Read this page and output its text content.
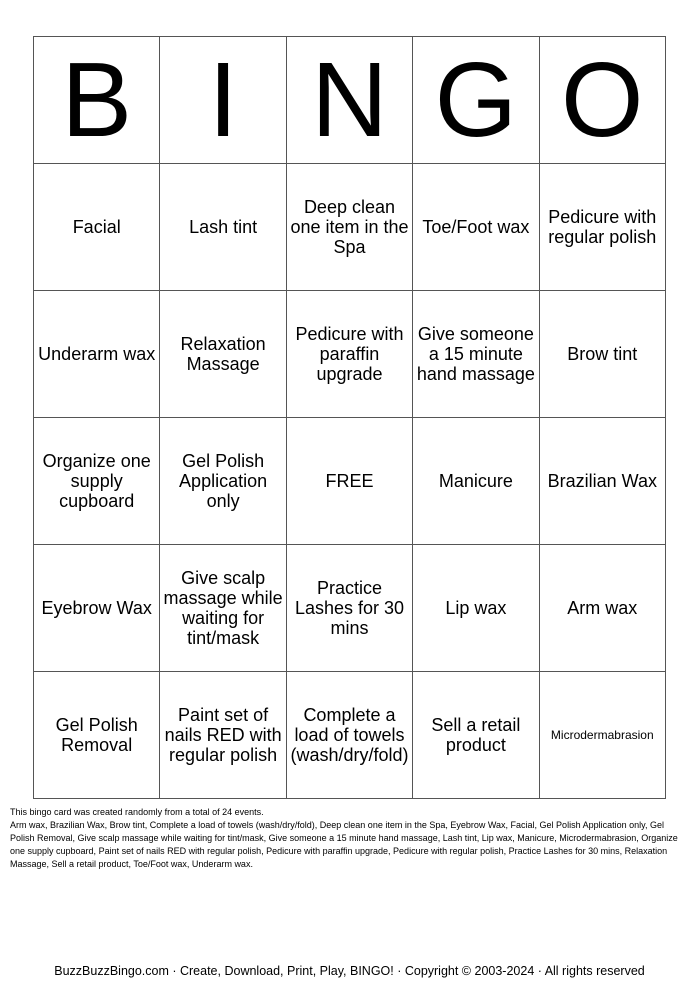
B	I	N	G	O
Facial	Lash tint	Deep clean one item in the Spa	Toe/Foot wax	Pedicure with regular polish
Underarm wax	Relaxation Massage	Pedicure with paraffin upgrade	Give someone a 15 minute hand massage	Brow tint
Organize one supply cupboard	Gel Polish Application only	FREE	Manicure	Brazilian Wax
Eyebrow Wax	Give scalp massage while waiting for tint/mask	Practice Lashes for 30 mins	Lip wax	Arm wax
Gel Polish Removal	Paint set of nails RED with regular polish	Complete a load of towels (wash/dry/fold)	Sell a retail product	Microdermabrasion
This bingo card was created randomly from a total of 24 events.
Arm wax, Brazilian Wax, Brow tint, Complete a load of towels (wash/dry/fold), Deep clean one item in the Spa, Eyebrow Wax, Facial, Gel Polish Application only, Gel Polish Removal, Give scalp massage while waiting for tint/mask, Give someone a 15 minute hand massage, Lash tint, Lip wax, Manicure, Microdermabrasion, Organize one supply cupboard, Paint set of nails RED with regular polish, Pedicure with paraffin upgrade, Pedicure with regular polish, Practice Lashes for 30 mins, Relaxation Massage, Sell a retail product, Toe/Foot wax, Underarm wax.
BuzzBuzzBingo.com · Create, Download, Print, Play, BINGO! · Copyright © 2003-2024 · All rights reserved
